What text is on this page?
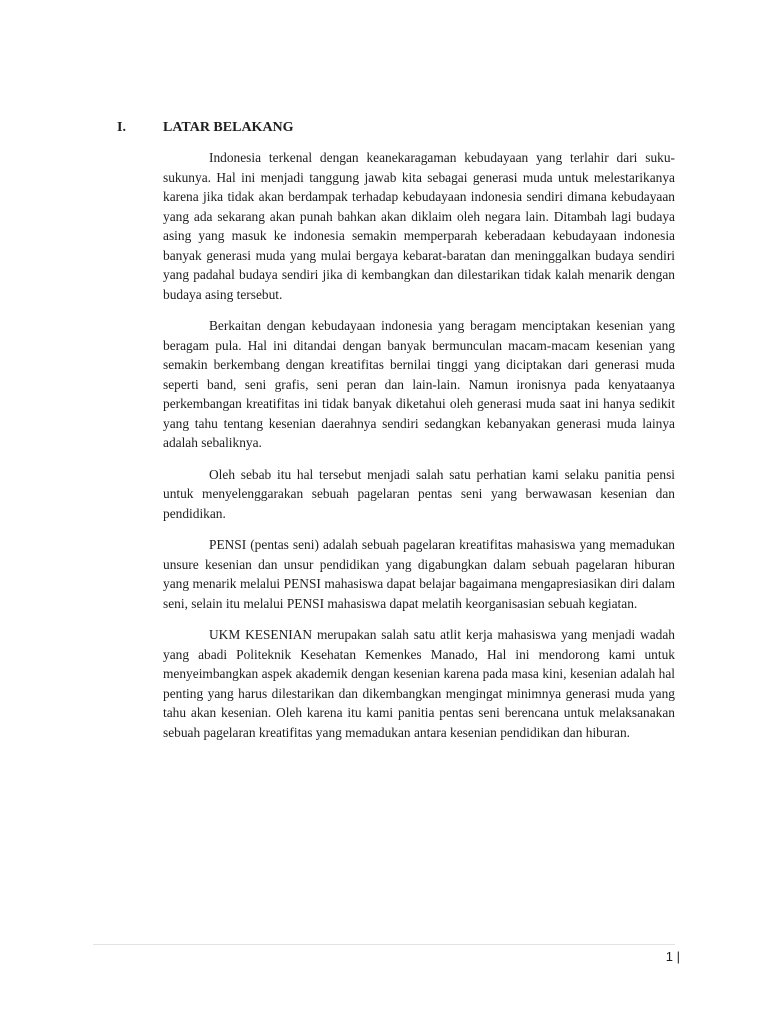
I.	LATAR BELAKANG

Indonesia terkenal dengan keanekaragaman kebudayaan yang terlahir dari suku-sukunya. Hal ini menjadi tanggung jawab kita sebagai generasi muda untuk melestarikanya karena jika tidak akan berdampak terhadap kebudayaan indonesia sendiri dimana kebudayaan yang ada sekarang akan punah bahkan akan diklaim oleh negara lain. Ditambah lagi budaya asing yang masuk ke indonesia semakin memperparah keberadaan kebudayaan indonesia banyak generasi muda yang mulai bergaya kebarat-baratan dan meninggalkan budaya sendiri yang padahal budaya sendiri jika di kembangkan dan dilestarikan tidak kalah menarik dengan budaya asing tersebut.

Berkaitan dengan kebudayaan indonesia yang beragam menciptakan kesenian yang beragam pula. Hal ini ditandai dengan banyak bermunculan macam-macam kesenian yang semakin berkembang dengan kreatifitas bernilai tinggi yang diciptakan dari generasi muda seperti band, seni grafis, seni peran dan lain-lain. Namun ironisnya pada kenyataanya perkembangan kreatifitas ini tidak banyak diketahui oleh generasi muda saat ini hanya sedikit yang tahu tentang kesenian daerahnya sendiri sedangkan kebanyakan generasi muda lainya adalah sebaliknya.

Oleh sebab itu hal tersebut menjadi salah satu perhatian kami selaku panitia pensi untuk menyelenggarakan sebuah pagelaran pentas seni yang berwawasan kesenian dan pendidikan.

PENSI (pentas seni) adalah sebuah pagelaran kreatifitas mahasiswa yang memadukan unsure kesenian dan unsur pendidikan yang digabungkan dalam sebuah pagelaran hiburan yang menarik melalui PENSI mahasiswa dapat belajar bagaimana mengapresiasikan diri dalam seni, selain itu melalui PENSI mahasiswa dapat melatih keorganisasian sebuah kegiatan.

UKM KESENIAN merupakan salah satu atlit kerja mahasiswa yang menjadi wadah yang abadi Politeknik Kesehatan Kemenkes Manado, Hal ini mendorong kami untuk menyeimbangkan aspek akademik dengan kesenian karena pada masa kini, kesenian adalah hal penting yang harus dilestarikan dan dikembangkan mengingat minimnya generasi muda yang tahu akan kesenian. Oleh karena itu kami panitia pentas seni berencana untuk melaksanakan sebuah pagelaran kreatifitas yang memadukan antara kesenian pendidikan dan hiburan.

1 |
